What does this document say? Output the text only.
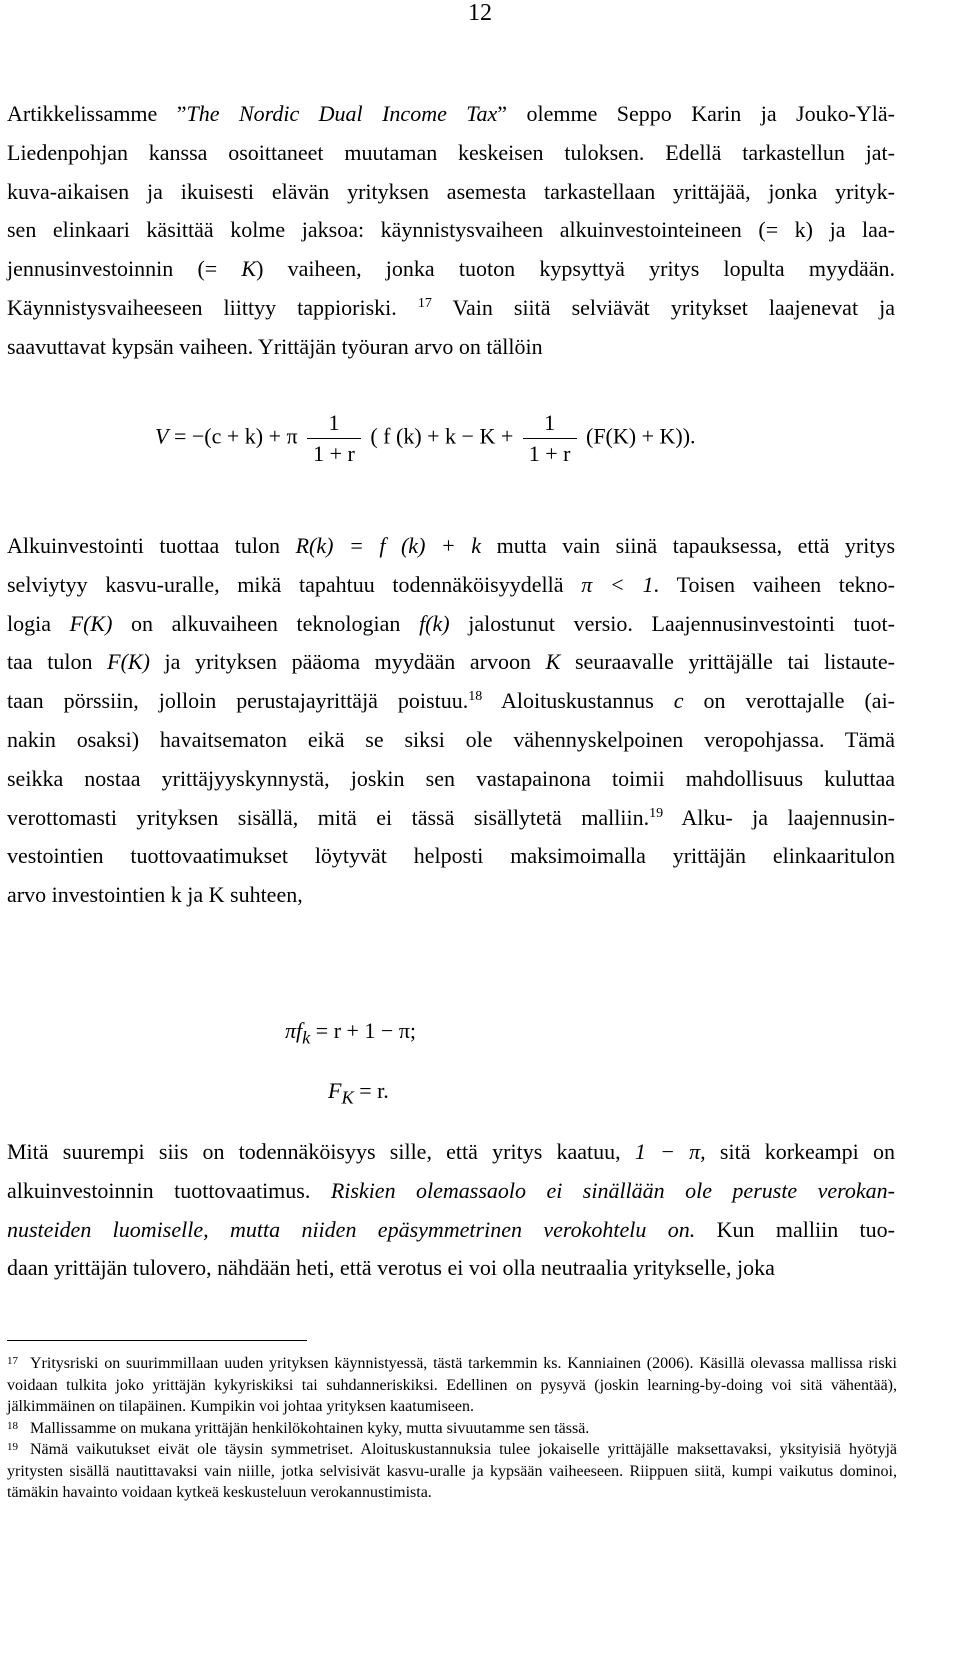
12

Artikkelissamme ”The Nordic Dual Income Tax” olemme Seppo Karin ja Jouko-Ylä-
Liedenpohjan kanssa osoittaneet muutaman keskeisen tuloksen. Edellä tarkastellun jat-
kuva-aikaisen ja ikuisesti elävän yrityksen asemesta tarkastellaan yrittäjää, jonka yrityk-
sen elinkaari käsittää kolme jaksoa: käynnistysvaiheen alkuinvestointeineen (= k) ja laa-
jennusinvestoinnin (= K) vaiheen, jonka tuoton kypsyttyä yritys lopulta myydään.
Käynnistysvaiheeseen liittyy tappioriski. $^{17}$ Vain siitä selviävät yritykset laajenevat ja
saavuttavat kypsän vaiheen. Yrittäjän työuran arvo on tällöin

V = −(c + k) + π $\frac{1}{1 + r}$ ( f $(k) + k - K + \frac{1}{1 + r} (F(K) + K)$).

Alkuinvestointi tuottaa tulon R(k) = f (k) + k mutta vain siinä tapauksessa, että yritys
selviytyy kasvu-uralle, mikä tapahtuu todennäköisyydellä π < 1. Toisen vaiheen tekno-
logia F(K) on alkuvaiheen teknologian f(k) jalostunut versio. Laajennusinvestointi tuot-
taa tulon F(K) ja yrityksen pääoma myydään arvoon K seuraavalle yrittäjälle tai listaute-
taan pörssiin, jolloin perustajayrittäjä poistuu.$^{18}$ Aloituskustannus c on verottajalle (ai-
nakin osaksi) havaitsematon eikä se siksi ole vähennyskelpoinen veropohjassa. Tämä
seikka nostaa yrittäjyyskynnystä, joskin sen vastapainona toimii mahdollisuus kuluttaa
verottomasti yrityksen sisällä, mitä ei tässä sisällytetä malliin.$^{19}$ Alku- ja laajennusin-
vestointien tuottovaatimukset löytyvät helposti maksimoimalla yrittäjän elinkaaritulon
arvo investointien k ja K suhteen,

$\pi f_k = r + 1 - \pi$;
$F_K = r$.

Mitä suurempi siis on todennäköisyys sille, että yritys kaatuu, 1 − π, sitä korkeampi on
alkuinvestoinnin tuottovaatimus. Riskien olemassaolo ei sinällään ole peruste verokan-
nusteiden luomiselle, mutta niiden epäsymmetrinen verokohtelu on. Kun malliin tuo-
daan yrittäjän tulovero, nähdään heti, että verotus ei voi olla neutraalia yritykselle, joka

$^{17}$ Yritysriski on suurimmillaan uuden yrityksen käynnistyessä, tästä tarkemmin ks. Kanniainen (2006). Käsillä olevassa mallissa riski voidaan tulkita joko yrittäjän kykyriskiksi tai suhdanneriskiksi. Edellinen on pysyvä (joskin learning-by-doing voi sitä vähentää), jälkimmäinen on tilapäinen. Kumpikin voi johtaa yrityksen kaatumiseen.

$^{18}$ Mallissamme on mukana yrittäjän henkilökohtainen kyky, mutta sivuutamme sen tässä.

$^{19}$ Nämä vaikutukset eivät ole täysin symmetriset. Aloituskustannuksia tulee jokaiselle yrittäjälle maksettavaksi, yksityisiä hyötyjä yritysten sisällä nautittavaksi vain niille, jotka selvisivät kasvu-uralle ja kypsään vaiheeseen. Riippuen siitä, kumpi vaikutus dominoi, tämäkin havainto voidaan kytkeä keskusteluun verokannustimista.
